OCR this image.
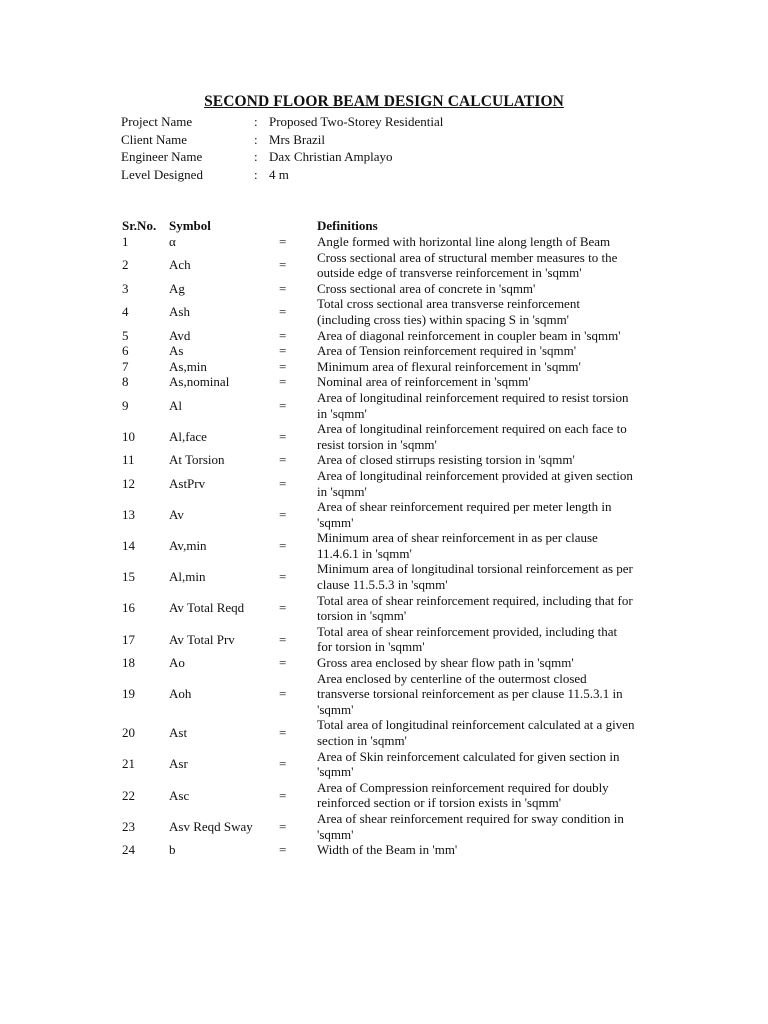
SECOND FLOOR BEAM DESIGN CALCULATION
Project Name	: Proposed Two-Storey Residential
Client Name	: Mrs Brazil
Engineer Name	: Dax Christian Amplayo
Level Designed	: 4 m
Sr.No. Symbol	Definitions
1	α	= Angle formed with horizontal line along length of Beam
2	Ach	=
Cross sectional area of structural member measures to the outside edge of transverse reinforcement in 'sqmm'
3	Ag	= Cross sectional area of concrete in 'sqmm'
4	Ash	=
Total cross sectional area transverse reinforcement (including cross ties) within spacing S in 'sqmm'
5	Avd	= Area of diagonal reinforcement in coupler beam in 'sqmm'
6	As	= Area of Tension reinforcement required in 'sqmm'
7	As,min	= Minimum area of flexural reinforcement in 'sqmm'
8	As,nominal	= Nominal area of reinforcement in 'sqmm'
9	Al	=
Area of longitudinal reinforcement required to resist torsion in 'sqmm'
10	Al,face	=
Area of longitudinal reinforcement required on each face to resist torsion in 'sqmm'
11	At Torsion	= Area of closed stirrups resisting torsion in 'sqmm'
12	AstPrv	=
Area of longitudinal reinforcement provided at given section in 'sqmm'
13	Av	=
Area of shear reinforcement required per meter length in 'sqmm'
14	Av,min	=
Minimum area of shear reinforcement in as per clause 11.4.6.1 in 'sqmm'
15	Al,min	=
Minimum area of longitudinal torsional reinforcement as per clause 11.5.5.3 in 'sqmm'
16	Av Total Reqd	=
Total area of shear reinforcement required, including that for torsion in 'sqmm'
17	Av Total Prv	=
Total area of shear reinforcement provided, including that for torsion in 'sqmm'
18	Ao	= Gross area enclosed by shear flow path in 'sqmm'
19	Aoh	=
Area enclosed by centerline of the outermost closed transverse torsional reinforcement as per clause 11.5.3.1 in 'sqmm'
20	Ast	=
Total area of longitudinal reinforcement calculated at a given section in 'sqmm'
21	Asr	=
Area of Skin reinforcement calculated for given section in 'sqmm'
22	Asc	=
Area of Compression reinforcement required for doubly reinforced section or if torsion exists in 'sqmm'
23	Asv Reqd Sway =
Area of shear reinforcement required for sway condition in 'sqmm'
24	b	= Width of the Beam in 'mm'
